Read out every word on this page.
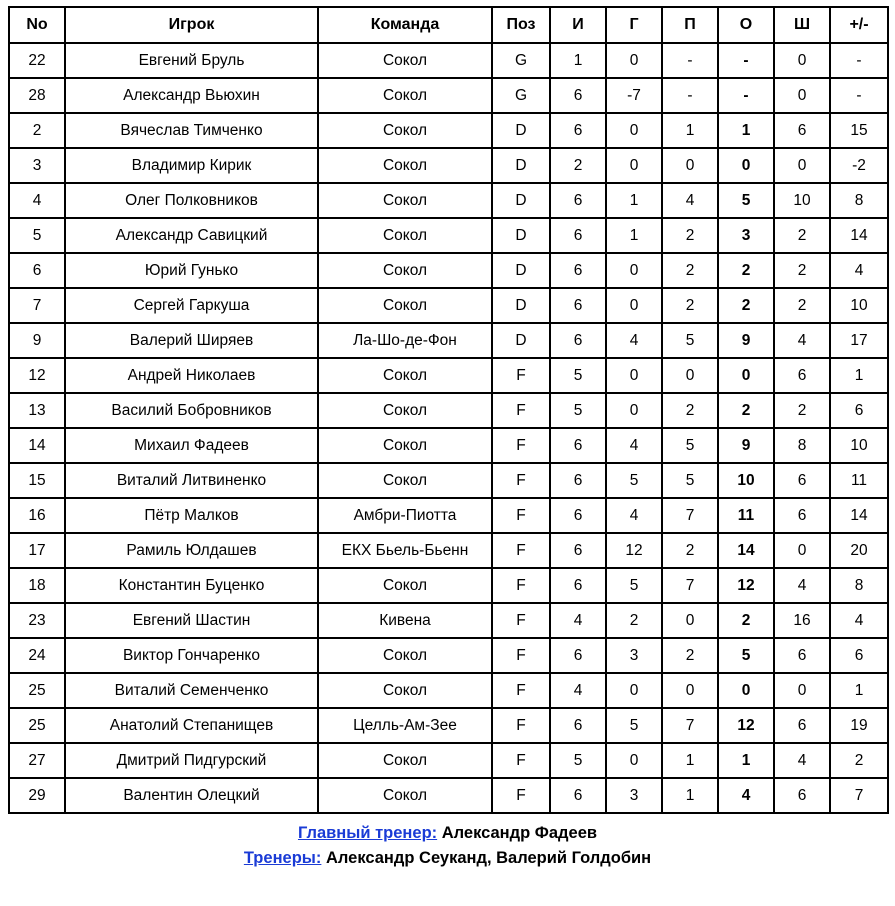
No	Игрок	Команда	Поз	И	Г	П	О	Ш	+/-
22	Евгений Бруль	Сокол	G	1	0	-	-	0	-
28	Александр Вьюхин	Сокол	G	6	-7	-	-	0	-
2	Вячеслав Тимченко	Сокол	D	6	0	1	1	6	15
3	Владимир Кирик	Сокол	D	2	0	0	0	0	-2
4	Олег Полковников	Сокол	D	6	1	4	5	10	8
5	Александр Савицкий	Сокол	D	6	1	2	3	2	14
6	Юрий Гунько	Сокол	D	6	0	2	2	2	4
7	Сергей Гаркуша	Сокол	D	6	0	2	2	2	10
9	Валерий Ширяев	Ла-Шо-де-Фон	D	6	4	5	9	4	17
12	Андрей Николаев	Сокол	F	5	0	0	0	6	1
13	Василий Бобровников	Сокол	F	5	0	2	2	2	6
14	Михаил Фадеев	Сокол	F	6	4	5	9	8	10
15	Виталий Литвиненко	Сокол	F	6	5	5	10	6	11
16	Пётр Малков	Амбри-Пиотта	F	6	4	7	11	6	14
17	Рамиль Юлдашев	ЕКХ Бьель-Бьенн	F	6	12	2	14	0	20
18	Константин Буценко	Сокол	F	6	5	7	12	4	8
23	Евгений Шастин	Кивена	F	4	2	0	2	16	4
24	Виктор Гончаренко	Сокол	F	6	3	2	5	6	6
25	Виталий Семенченко	Сокол	F	4	0	0	0	0	1
25	Анатолий Степанищев	Целль-Ам-Зее	F	6	5	7	12	6	19
27	Дмитрий Пидгурский	Сокол	F	5	0	1	1	4	2
29	Валентин Олецкий	Сокол	F	6	3	1	4	6	7
Главный тренер: Александр Фадеев
Тренеры: Александр Сеуканд, Валерий Голдобин
